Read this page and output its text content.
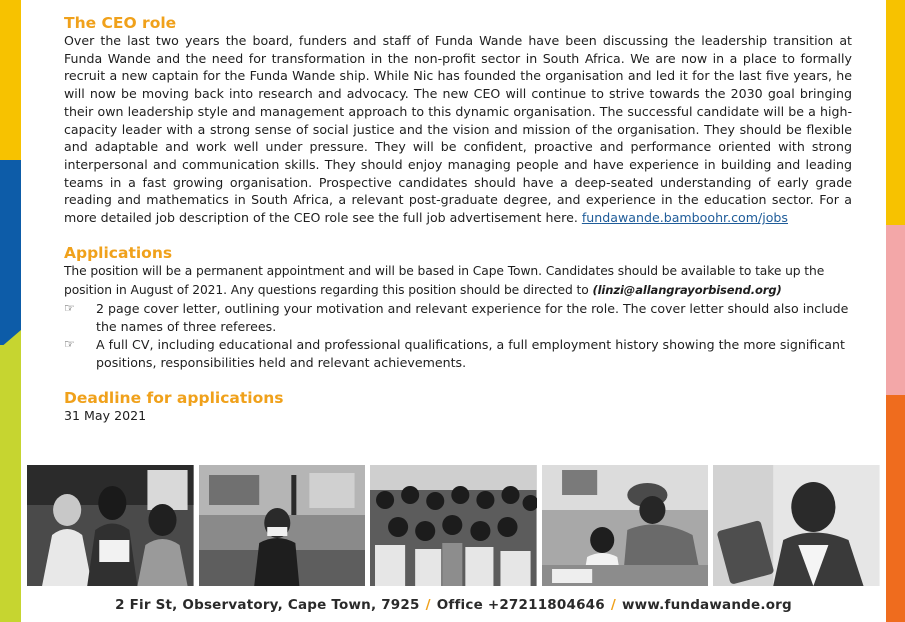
The CEO role

Over the last two years the board, funders and staff of Funda Wande have been discussing the leadership transition at Funda Wande and the need for transformation in the non-profit sector in South Africa. We are now in a place to formally recruit a new captain for the Funda Wande ship. While Nic has founded the organisation and led it for the last five years, he will now be moving back into research and advocacy. The new CEO will continue to strive towards the 2030 goal bringing their own leadership style and management approach to this dynamic organisation. The successful candidate will be a high-capacity leader with a strong sense of social justice and the vision and mission of the organisation. They should be flexible and adaptable and work well under pressure. They will be confident, proactive and performance oriented with strong interpersonal and communication skills. They should enjoy managing people and have experience in building and leading teams in a fast growing organisation. Prospective candidates should have a deep-seated understanding of early grade reading and mathematics in South Africa, a relevant post-graduate degree, and experience in the education sector. For a more detailed job description of the CEO role see the full job advertisement here. fundawande.bamboohr.com/jobs

Applications

The position will be a permanent appointment and will be based in Cape Town. Candidates should be available to take up the position in August of 2021. Any questions regarding this position should be directed to (linzi@allangrayorbisend.org)

☞ 2 page cover letter, outlining your motivation and relevant experience for the role. The cover letter should also include the names of three referees.
☞ A full CV, including educational and professional qualifications, a full employment history showing the more significant positions, responsibilities held and relevant achievements.
Deadline for applications

31 May 2021

2 Fir St, Observatory, Cape Town, 7925 / Office +27211804646 / www.fundawande.org
